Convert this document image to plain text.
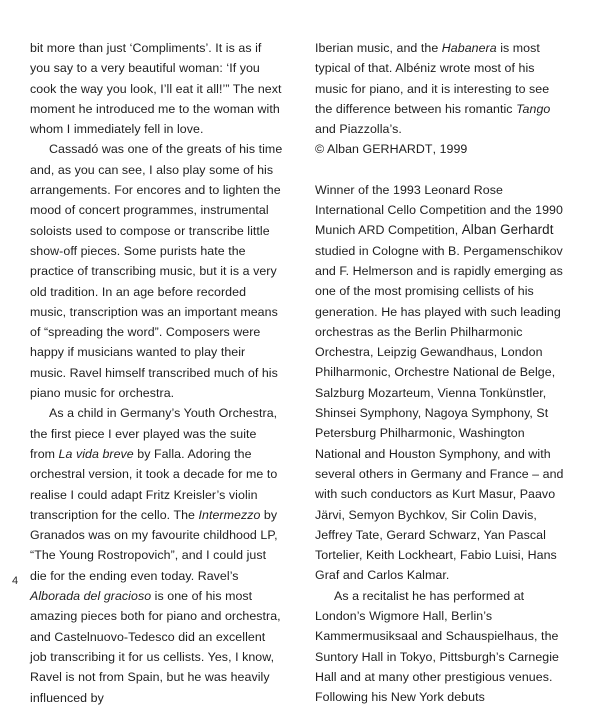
bit more than just ‘Compliments’. It is as if you say to a very beautiful woman: ‘If you cook the way you look, I’ll eat it all!’” The next moment he introduced me to the woman with whom I immediately fell in love.

Cassadó was one of the greats of his time and, as you can see, I also play some of his arrangements. For encores and to lighten the mood of concert programmes, instrumental soloists used to compose or transcribe little show-off pieces. Some purists hate the practice of transcribing music, but it is a very old tradition. In an age before recorded music, transcription was an important means of “spreading the word”. Composers were happy if musicians wanted to play their music. Ravel himself transcribed much of his piano music for orchestra.

As a child in Germany’s Youth Orchestra, the first piece I ever played was the suite from La vida breve by Falla. Adoring the orchestral version, it took a decade for me to realise I could adapt Fritz Kreisler’s violin transcription for the cello. The Intermezzo by Granados was on my favourite childhood LP, “The Young Rostropovich”, and I could just die for the ending even today. Ravel’s Alborada del gracioso is one of his most amazing pieces both for piano and orchestra, and Castelnuovo-Tedesco did an excellent job transcribing it for us cellists. Yes, I know, Ravel is not from Spain, but he was heavily influenced by

Iberian music, and the Habanera is most typical of that. Albéniz wrote most of his music for piano, and it is interesting to see the difference between his romantic Tango and Piazzolla’s.

© Alban GERHARDT, 1999

Winner of the 1993 Leonard Rose International Cello Competition and the 1990 Munich ARD Competition, Alban Gerhardt studied in Cologne with B. Pergamenschikov and F. Helmerson and is rapidly emerging as one of the most promising cellists of his generation. He has played with such leading orchestras as the Berlin Philharmonic Orchestra, Leipzig Gewandhaus, London Philharmonic, Orchestre National de Belge, Salzburg Mozarteum, Vienna Tonkünstler, Shinsei Symphony, Nagoya Symphony, St Petersburg Philharmonic, Washington National and Houston Symphony, and with several others in Germany and France – and with such conductors as Kurt Masur, Paavo Järvi, Semyon Bychkov, Sir Colin Davis, Jeffrey Tate, Gerard Schwarz, Yan Pascal Tortelier, Keith Lockheart, Fabio Luisi, Hans Graf and Carlos Kalmar.

As a recitalist he has performed at London’s Wigmore Hall, Berlin’s Kammermusiksaal and Schauspielhaus, the Suntory Hall in Tokyo, Pittsburgh’s Carnegie Hall and at many other prestigious venues. Following his New York debuts

4
